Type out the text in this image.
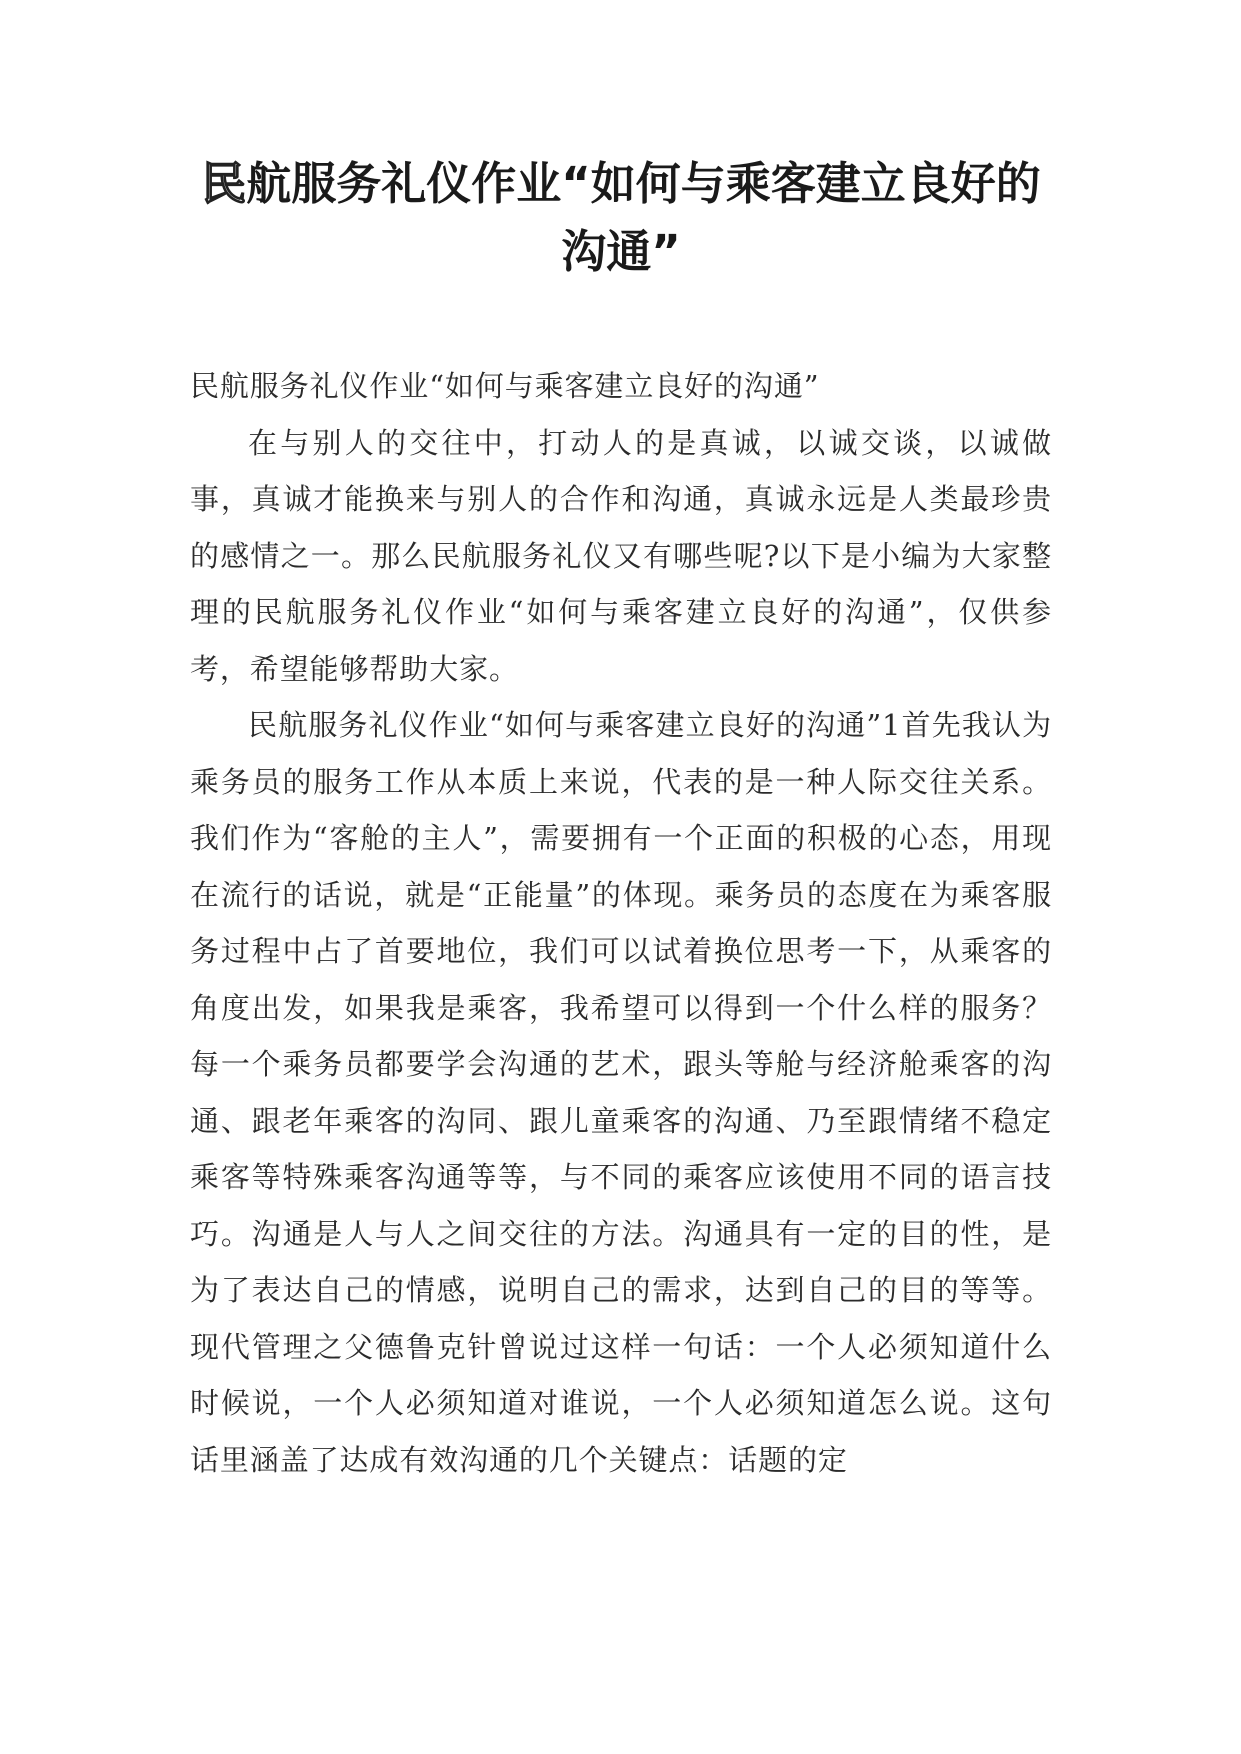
民航服务礼仪作业“如何与乘客建立良好的沟通”

民航服务礼仪作业“如何与乘客建立良好的沟通”

在与别人的交往中，打动人的是真诚，以诚交谈，以诚做事，真诚才能换来与别人的合作和沟通，真诚永远是人类最珍贵的感情之一。那么民航服务礼仪又有哪些呢?以下是小编为大家整理的民航服务礼仪作业“如何与乘客建立良好的沟通”，仅供参考，希望能够帮助大家。

民航服务礼仪作业“如何与乘客建立良好的沟通”1首先我认为乘务员的服务工作从本质上来说，代表的是一种人际交往关系。我们作为“客舱的主人”，需要拥有一个正面的积极的心态，用现在流行的话说，就是“正能量”的体现。乘务员的态度在为乘客服务过程中占了首要地位，我们可以试着换位思考一下，从乘客的角度出发，如果我是乘客，我希望可以得到一个什么样的服务？每一个乘务员都要学会沟通的艺术，跟头等舱与经济舱乘客的沟通、跟老年乘客的沟同、跟儿童乘客的沟通、乃至跟情绪不稳定乘客等特殊乘客沟通等等，与不同的乘客应该使用不同的语言技巧。沟通是人与人之间交往的方法。沟通具有一定的目的性，是为了表达自己的情感，说明自己的需求，达到自己的目的等等。现代管理之父德鲁克针曾说过这样一句话：一个人必须知道什么时候说，一个人必须知道对谁说，一个人必须知道怎么说。这句话里涵盖了达成有效沟通的几个关键点：话题的定
